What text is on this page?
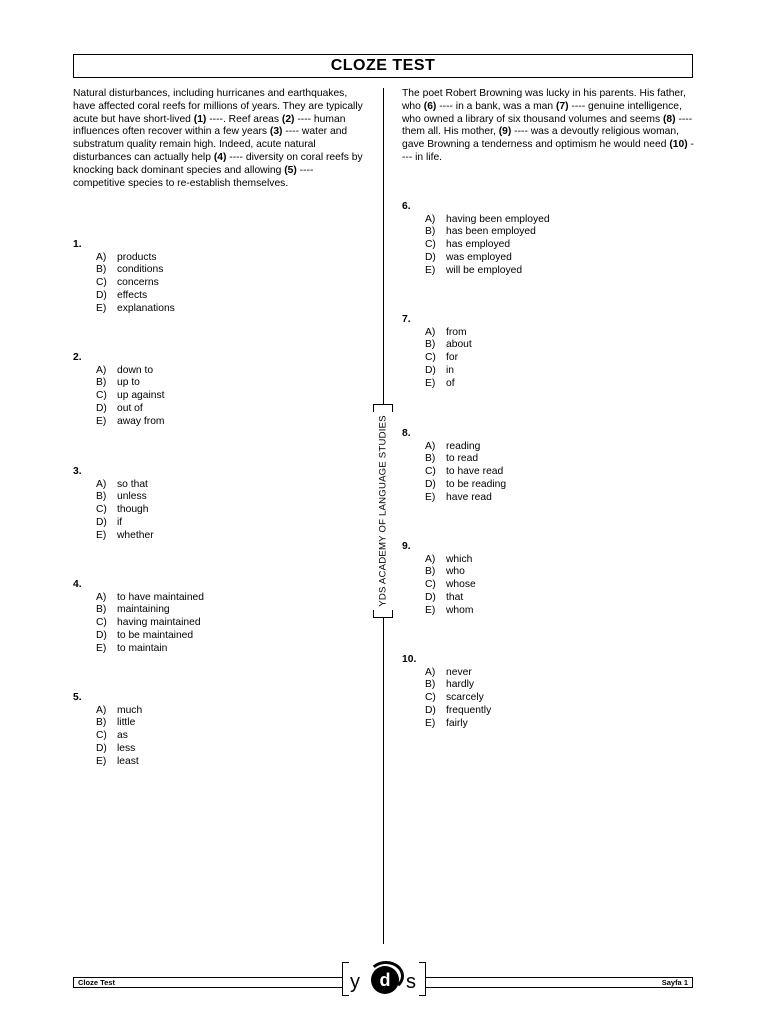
CLOZE TEST
Natural disturbances, including hurricanes and earthquakes, have affected coral reefs for millions of years. They are typically acute but have short-lived (1) ----. Reef areas (2) ---- human influences often recover within a few years (3) ---- water and substratum quality remain high. Indeed, acute natural disturbances can actually help (4) ---- diversity on coral reefs by knocking back dominant species and allowing (5) ---- competitive species to re-establish themselves.
The poet Robert Browning was lucky in his parents. His father, who (6) ---- in a bank, was a man (7) ---- genuine intelligence, who owned a library of six thousand volumes and seems (8) ---- them all. His mother, (9) ---- was a devoutly religious woman, gave Browning a tenderness and optimism he would need (10) ---- in life.
YDS ACADEMY OF LANGUAGE STUDIES
1.
A)	products
B)	conditions
C) concerns
D) effects
E)	explanations
2.
A)	down to
B)	up to
C) up against
D) out of
E)	away from
3.
A)	so that
B)	unless
C) though
D) if
E)	whether
4.
A)	to have maintained
B)	maintaining
C) having maintained
D) to be maintained
E)	to maintain
5.
A)	much
B)	little
C) as
D) less
E)	least
6.
A)	having been employed
B)	has been employed
C) has employed
D) was employed
E)	will be employed
7.
A)	from
B)	about
C) for
D) in
E)	of
8.
A)	reading
B)	to read
C) to have read
D) to be reading
E)	have read
9.
A)	which
B)	who
C) whose
D) that
E)	whom
10.
A)	never
B)	hardly
C) scarcely
D) frequently
E)	fairly
Cloze Test	Sayfa 1
y	d s
